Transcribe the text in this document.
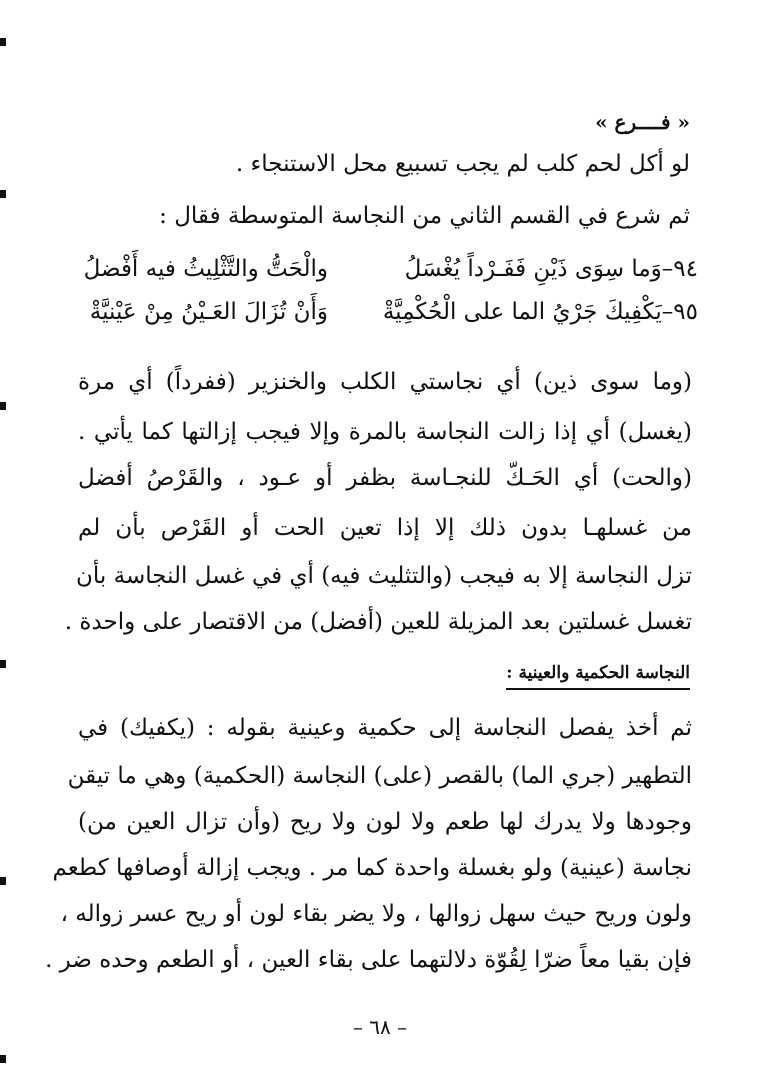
« فــــرع »
لو أكل لحم كلب لم يجب تسبيع محل الاستنجاء .
ثم شرع في القسم الثاني من النجاسة المتوسطة فقال :
٩٤–وَما سِوَى ذَيْنِ فَفَـرْداً يُغْسَلُ
والْحَتُّ والتَّثْلِيثُ فيه أَفْضلُ
٩٥–يَكْفِيكَ جَرْيُ الما على الْحُكْمِيَّةْ
وَأَنْ تُزَالَ العَـيْنُ مِنْ عَيْنيَّةْ
(وما سوى ذين) أي نجاستي الكلب والخنزير (ففرداً) أي مرة
(يغسل) أي إذا زالت النجاسة بالمرة وإلا فيجب إزالتها كما يأتي .
(والحت) أي الحَـكّ للنجـاسة بظفر أو عـود ، والقَرْصُ أفضل
من غسلهـا بدون ذلك إلا إذا تعين الحت أو القَرْص بأن لم
تزل النجاسة إلا به فيجب (والتثليث فيه) أي في غسل النجاسة بأن
تغسل غسلتين بعد المزيلة للعين (أفضل) من الاقتصار على واحدة .
النجاسة الحكمية والعينية :
ثم أخذ يفصل النجاسة إلى حكمية وعينية بقوله : (يكفيك) في
التطهير (جري الما) بالقصر (على) النجاسة (الحكمية) وهي ما تيقن
وجودها ولا يدرك لها طعم ولا لون ولا ريح (وأن تزال العين من)
نجاسة (عينية) ولو بغسلة واحدة كما مر . ويجب إزالة أوصافها كطعم
ولون وريح حيث سهل زوالها ، ولا يضر بقاء لون أو ريح عسر زواله ،
فإن بقيا معاً ضرّا لِقُوّة دلالتهما على بقاء العين ، أو الطعم وحده ضر .
– ٦٨ –
